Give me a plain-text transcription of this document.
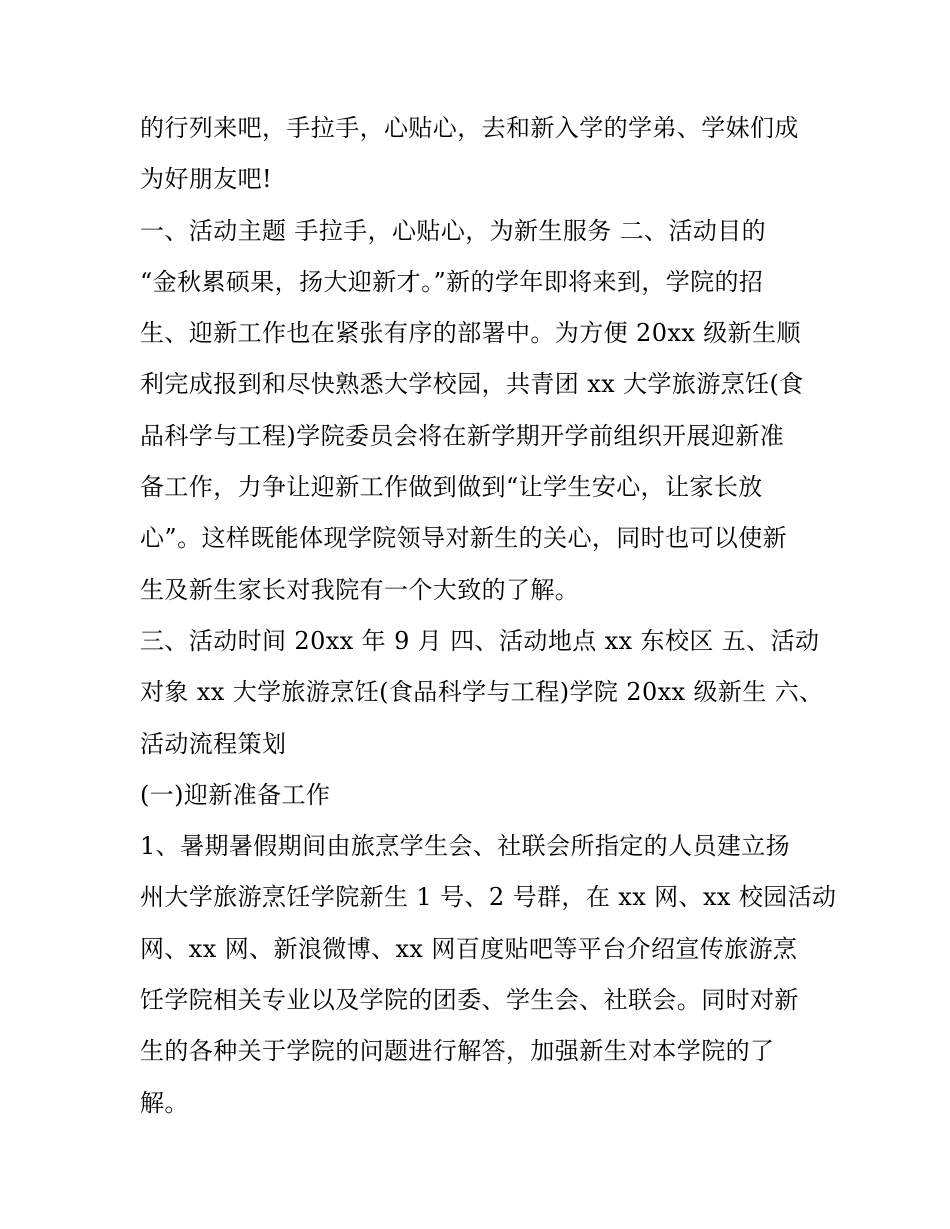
的行列来吧，手拉手，心贴心，去和新入学的学弟、学妹们成
为好朋友吧!
一、活动主题 手拉手，心贴心，为新生服务 二、活动目的
“金秋累硕果，扬大迎新才。”新的学年即将来到，学院的招
生、迎新工作也在紧张有序的部署中。为方便 20xx 级新生顺
利完成报到和尽快熟悉大学校园，共青团 xx 大学旅游烹饪(食
品科学与工程)学院委员会将在新学期开学前组织开展迎新准
备工作，力争让迎新工作做到做到“让学生安心，让家长放
心”。这样既能体现学院领导对新生的关心，同时也可以使新
生及新生家长对我院有一个大致的了解。
三、活动时间 20xx 年 9 月 四、活动地点 xx 东校区 五、活动
对象 xx 大学旅游烹饪(食品科学与工程)学院 20xx 级新生 六、
活动流程策划
(一)迎新准备工作
1、暑期暑假期间由旅烹学生会、社联会所指定的人员建立扬
州大学旅游烹饪学院新生 1 号、2 号群，在 xx 网、xx 校园活动
网、xx 网、新浪微博、xx 网百度贴吧等平台介绍宣传旅游烹
饪学院相关专业以及学院的团委、学生会、社联会。同时对新
生的各种关于学院的问题进行解答，加强新生对本学院的了
解。
